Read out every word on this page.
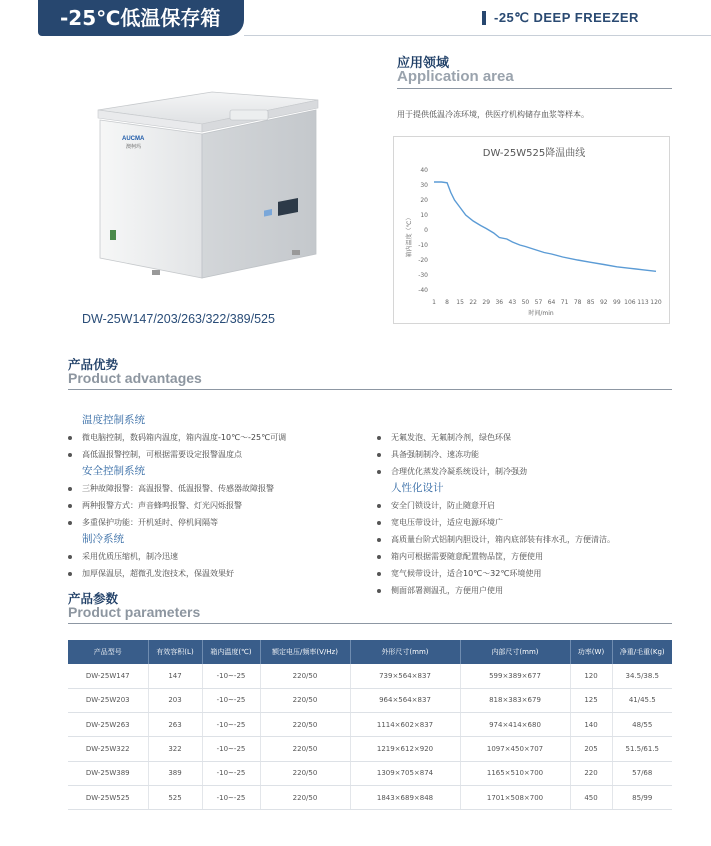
-25℃低温保存箱	-25℃ DEEP FREEZER
AUCMA
澳柯玛
DW-25W147/203/263/322/389/525
应用领域
Application area
用于提供低温冷冻环境，供医疗机构储存血浆等样本。
DW-25W525降温曲线
箱内温度（℃）
时间/min
40
30
20
10
0
-10
-20
-30
-40
1 8 15 22 29 36 43 50 57 64 71 78 85 92 99 106 113 120
产品优势
Product advantages
温度控制系统
微电脑控制，数码箱内温度，箱内温度-10℃～-25℃可调
高低温报警控制，可根据需要设定报警温度点
安全控制系统
三种故障报警：高温报警、低温报警、传感器故障报警
两种报警方式：声音蜂鸣报警、灯光闪烁报警
多重保护功能：开机延时、停机间隔等
制冷系统
采用优质压缩机，制冷迅速
加厚保温层，超微孔发泡技术，保温效果好
无氟发泡、无氟制冷剂，绿色环保
具备强制制冷、速冻功能
合理优化蒸发冷凝系统设计，制冷强劲
人性化设计
安全门锁设计，防止随意开启
宽电压带设计，适应电源环境广
高质量台阶式铝制内胆设计，箱内底部装有排水孔，方便清洁。
箱内可根据需要随意配置物品筐，方便使用
宽气候带设计，适合10℃～32℃环境使用
侧面部署测温孔，方便用户使用
产品参数
Product parameters
产品型号	有效容积(L)	箱内温度(℃)	额定电压/频率(V/Hz)	外形尺寸(mm)	内部尺寸(mm)	功率(W)	净重/毛重(Kg)
DW-25W147	147	-10~-25	220/50	739×564×837	599×389×677	120	34.5/38.5
DW-25W203	203	-10~-25	220/50	964×564×837	818×383×679	125	41/45.5
DW-25W263	263	-10~-25	220/50	1114×602×837	974×414×680	140	48/55
DW-25W322	322	-10~-25	220/50	1219×612×920	1097×450×707	205	51.5/61.5
DW-25W389	389	-10~-25	220/50	1309×705×874	1165×510×700	220	57/68
DW-25W525	525	-10~-25	220/50	1843×689×848	1701×508×700	450	85/99
